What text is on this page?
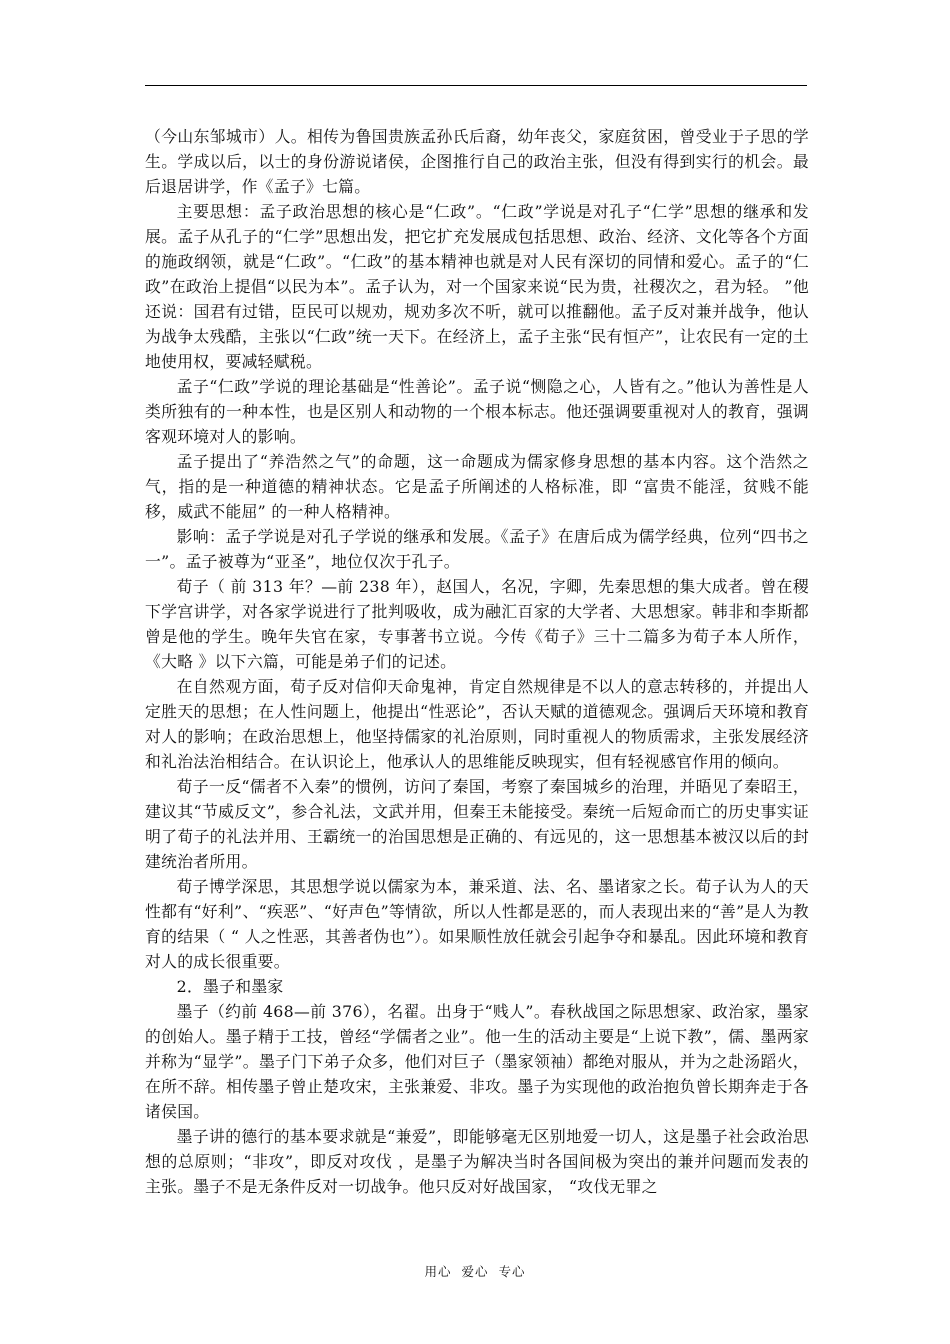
（今山东邹城市）人。相传为鲁国贵族孟孙氏后裔，幼年丧父，家庭贫困，曾受业于子思的学生。学成以后，以士的身份游说诸侯，企图推行自己的政治主张，但没有得到实行的机会。最后退居讲学，作《孟子》七篇。

主要思想：孟子政治思想的核心是“仁政”。“仁政”学说是对孔子“仁学”思想的继承和发展。孟子从孔子的“仁学”思想出发，把它扩充发展成包括思想、政治、经济、文化等各个方面的施政纲领，就是“仁政”。“仁政”的基本精神也就是对人民有深切的同情和爱心。孟子的“仁政”在政治上提倡“以民为本”。孟子认为，对一个国家来说“民为贵，社稷次之，君为轻。 ”他还说：国君有过错，臣民可以规劝，规劝多次不听，就可以推翻他。孟子反对兼并战争，他认为战争太残酷，主张以“仁政”统一天下。在经济上，孟子主张“民有恒产”，让农民有一定的土地使用权，要减轻赋税。

孟子“仁政”学说的理论基础是“性善论”。孟子说“恻隐之心，人皆有之。”他认为善性是人类所独有的一种本性，也是区别人和动物的一个根本标志。他还强调要重视对人的教育，强调客观环境对人的影响。

孟子提出了“养浩然之气”的命题，这一命题成为儒家修身思想的基本内容。这个浩然之气，指的是一种道德的精神状态。它是孟子所阐述的人格标准，即 “富贵不能淫，贫贱不能移，威武不能屈” 的一种人格精神。

影响：孟子学说是对孔子学说的继承和发展。《孟子》在唐后成为儒学经典，位列“四书之一”。孟子被尊为“亚圣”，地位仅次于孔子。

荀子（ 前 313 年？—前 238 年），赵国人，名况，字卿，先秦思想的集大成者。曾在稷下学宫讲学，对各家学说进行了批判吸收，成为融汇百家的大学者、大思想家。韩非和李斯都曾是他的学生。晚年失官在家，专事著书立说。今传《荀子》三十二篇多为荀子本人所作，《大略 》以下六篇，可能是弟子们的记述。

在自然观方面，荀子反对信仰天命鬼神，肯定自然规律是不以人的意志转移的，并提出人定胜天的思想；在人性问题上，他提出“性恶论”，否认天赋的道德观念。强调后天环境和教育对人的影响；在政治思想上，他坚持儒家的礼治原则，同时重视人的物质需求，主张发展经济和礼治法治相结合。在认识论上，他承认人的思维能反映现实，但有轻视感官作用的倾向。

荀子一反“儒者不入秦”的惯例，访问了秦国，考察了秦国城乡的治理，并晤见了秦昭王，建议其“节威反文”，参合礼法，文武并用，但秦王未能接受。秦统一后短命而亡的历史事实证明了荀子的礼法并用、王霸统一的治国思想是正确的、有远见的，这一思想基本被汉以后的封建统治者所用。

荀子博学深思，其思想学说以儒家为本，兼采道、法、名、墨诸家之长。荀子认为人的天性都有“好利”、“疾恶”、“好声色”等情欲，所以人性都是恶的，而人表现出来的“善”是人为教育的结果（ “ 人之性恶，其善者伪也”）。如果顺性放任就会引起争夺和暴乱。因此环境和教育对人的成长很重要。

2．墨子和墨家

墨子（约前 468—前 376），名翟。出身于“贱人”。春秋战国之际思想家、政治家，墨家的创始人。墨子精于工技，曾经“学儒者之业”。他一生的活动主要是“上说下教”，儒、墨两家并称为“显学”。墨子门下弟子众多，他们对巨子（墨家领袖）都绝对服从，并为之赴汤蹈火，在所不辞。相传墨子曾止楚攻宋，主张兼爱、非攻。墨子为实现他的政治抱负曾长期奔走于各诸侯国。

墨子讲的德行的基本要求就是“兼爱”，即能够毫无区别地爱一切人，这是墨子社会政治思想的总原则；“非攻”，即反对攻伐 ，是墨子为解决当时各国间极为突出的兼并问题而发表的主张。墨子不是无条件反对一切战争。他只反对好战国家， “攻伐无罪之

用心  爱心  专心
